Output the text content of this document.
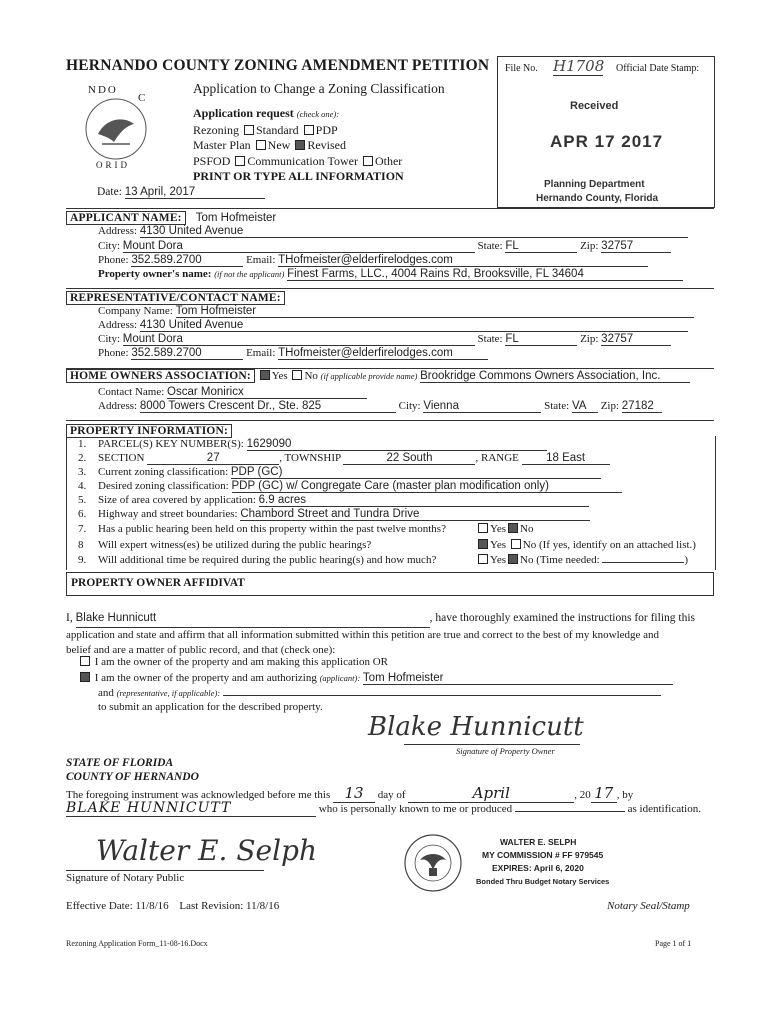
HERNANDO COUNTY ZONING AMENDMENT PETITION
NDO
C
ORID
Application to Change a Zoning Classification
Application request (check one):
Rezoning Standard PDP
Master Plan New Revised
PSFOD Communication Tower Other
PRINT OR TYPE ALL INFORMATION
Date: 13 April, 2017
File No. H1708 Official Date Stamp:
Received
APR 17 2017
Planning Department
Hernando County, Florida
APPLICANT NAME: Tom Hofmeister
Address: 4130 United Avenue
City: Mount Dora	State: FL	Zip: 32757
Phone: 352.589.2700	Email: THofmeister@elderfirelodges.com
Property owner's name: (if not the applicant) Finest Farms, LLC., 4004 Rains Rd, Brooksville, FL 34604
REPRESENTATIVE/CONTACT NAME:
Company Name: Tom Hofmeister
Address: 4130 United Avenue
City: Mount Dora	State: FL	Zip: 32757
Phone: 352.589.2700	Email: THofmeister@elderfirelodges.com
HOME OWNERS ASSOCIATION: Yes No (if applicable provide name) Brookridge Commons Owners Association, Inc.
Contact Name: Oscar Moniricx
Address: 8000 Towers Crescent Dr., Ste. 825	City: Vienna	State: VA Zip: 27182
PROPERTY INFORMATION:
1. PARCEL(S) KEY NUMBER(S): 1629090
2. SECTION	27	, TOWNSHIP	22 South	, RANGE 18 East
3. Current zoning classification: PDP (GC)
4. Desired zoning classification: PDP (GC) w/ Congregate Care (master plan modification only)
5. Size of area covered by application: 6.9 acres
6. Highway and street boundaries: Chambord Street and Tundra Drive
7. Has a public hearing been held on this property within the past twelve months?	Yes No
8 Will expert witness(es) be utilized during the public hearings?	Yes No (If yes, identify on an attached list.)
9. Will additional time be required during the public hearing(s) and how much?	Yes No (Time needed:	)
PROPERTY OWNER AFFIDIVAT
I, Blake Hunnicutt	, have thoroughly examined the instructions for filing this
application and state and affirm that all information submitted within this petition are true and correct to the best of my knowledge and
belief and are a matter of public record, and that (check one):
I am the owner of the property and am making this application OR
I am the owner of the property and am authorizing (applicant): Tom Hofmeister
and (representative, if applicable):
to submit an application for the described property.
Blake Hunnicutt
Signature of Property Owner
STATE OF FLORIDA
COUNTY OF HERNANDO
The foregoing instrument was acknowledged before me this 13 day of	April	, 20 17 , by
BLAKE HUNNICUTT	who is personally known to me or produced	as identification.
Walter E. Selph
Signature of Notary Public
WALTER E. SELPH
MY COMMISSION # FF 979545
EXPIRES: April 6, 2020
Bonded Thru Budget Notary Services
Effective Date: 11/8/16 Last Revision: 11/8/16	Notary Seal/Stamp
Rezoning Application Form_11-08-16.Docx	Page 1 of 1
